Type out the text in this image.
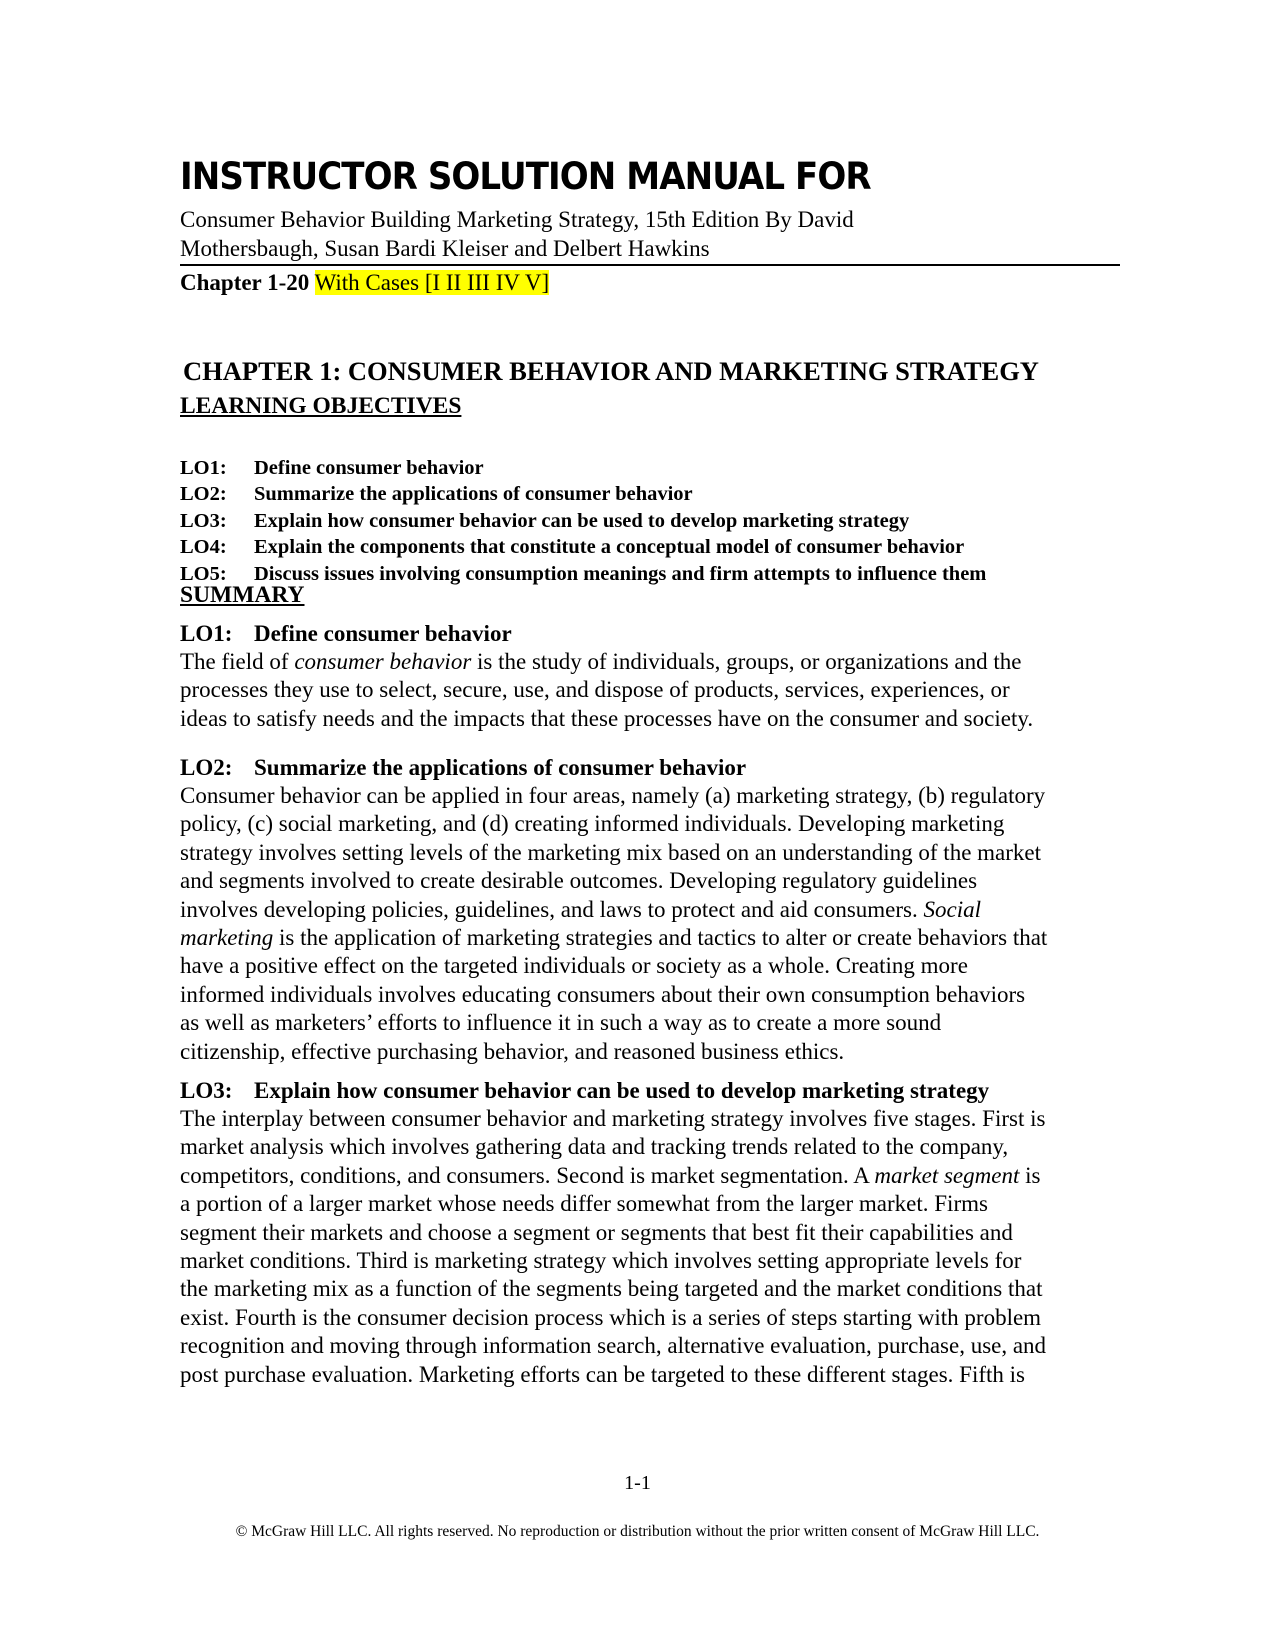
INSTRUCTOR SOLUTION MANUAL FOR
Consumer Behavior Building Marketing Strategy, 15th Edition By David
Mothersbaugh, Susan Bardi Kleiser and Delbert Hawkins
Chapter 1-20 With Cases [I II III IV V]
CHAPTER 1: CONSUMER BEHAVIOR AND MARKETING STRATEGY
LEARNING OBJECTIVES
LO1:	Define consumer behavior
LO2:	Summarize the applications of consumer behavior
LO3:	Explain how consumer behavior can be used to develop marketing strategy
LO4:	Explain the components that constitute a conceptual model of consumer behavior
LO5:	Discuss issues involving consumption meanings and firm attempts to influence them
SUMMARY
LO1: Define consumer behavior
The field of consumer behavior is the study of individuals, groups, or organizations and the
processes they use to select, secure, use, and dispose of products, services, experiences, or
ideas to satisfy needs and the impacts that these processes have on the consumer and society.
LO2: Summarize the applications of consumer behavior
Consumer behavior can be applied in four areas, namely (a) marketing strategy, (b) regulatory
policy, (c) social marketing, and (d) creating informed individuals. Developing marketing
strategy involves setting levels of the marketing mix based on an understanding of the market
and segments involved to create desirable outcomes. Developing regulatory guidelines
involves developing policies, guidelines, and laws to protect and aid consumers. Social
marketing is the application of marketing strategies and tactics to alter or create behaviors that
have a positive effect on the targeted individuals or society as a whole. Creating more
informed individuals involves educating consumers about their own consumption behaviors
as well as marketers’ efforts to influence it in such a way as to create a more sound
citizenship, effective purchasing behavior, and reasoned business ethics.
LO3: Explain how consumer behavior can be used to develop marketing strategy
The interplay between consumer behavior and marketing strategy involves five stages. First is
market analysis which involves gathering data and tracking trends related to the company,
competitors, conditions, and consumers. Second is market segmentation. A market segment is
a portion of a larger market whose needs differ somewhat from the larger market. Firms
segment their markets and choose a segment or segments that best fit their capabilities and
market conditions. Third is marketing strategy which involves setting appropriate levels for
the marketing mix as a function of the segments being targeted and the market conditions that
exist. Fourth is the consumer decision process which is a series of steps starting with problem
recognition and moving through information search, alternative evaluation, purchase, use, and
post purchase evaluation. Marketing efforts can be targeted to these different stages. Fifth is
1-1
© McGraw Hill LLC. All rights reserved. No reproduction or distribution without the prior written consent of McGraw Hill LLC.
